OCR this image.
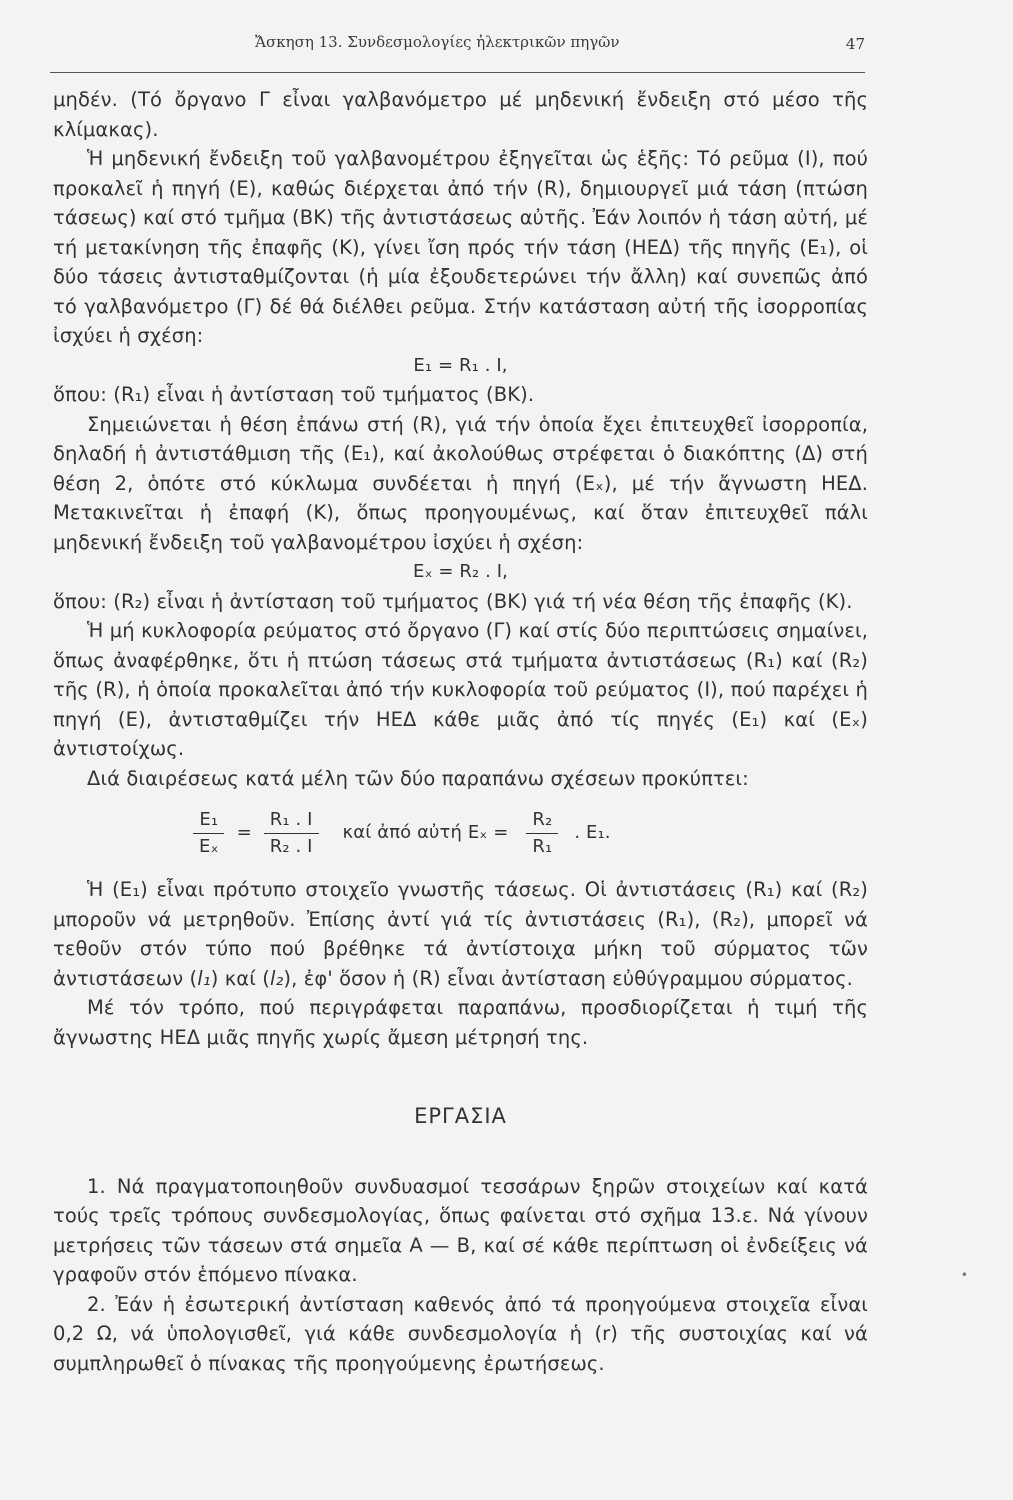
Ἄσκηση 13. Συνδεσμολογίες ἠλεκτρικῶν πηγῶν	47

μηδέν. (Τό ὄργανο Γ εἶναι γαλβανόμετρο μέ μηδενική ἔνδειξη στό μέσο τῆς κλίμακας).

Ἡ μηδενική ἔνδειξη τοῦ γαλβανομέτρου ἐξηγεῖται ὡς ἑξῆς: Τό ρεῦμα (Ι), πού προκαλεῖ ἡ πηγή (Ε), καθώς διέρχεται ἀπό τήν (R), δημιουργεῖ μιά τάση (πτώση τάσεως) καί στό τμῆμα (ΒΚ) τῆς ἀντιστάσεως αὐτῆς. Ἐάν λοιπόν ἡ τάση αὐτή, μέ τή μετακίνηση τῆς ἐπαφῆς (Κ), γίνει ἴση πρός τήν τάση (ΗΕΔ) τῆς πηγῆς (Ε₁), οἱ δύο τάσεις ἀντισταθμίζονται (ἡ μία ἐξουδετερώνει τήν ἄλλη) καί συνεπῶς ἀπό τό γαλβανόμετρο (Γ) δέ θά διέλθει ρεῦμα. Στήν κατάσταση αὐτή τῆς ἰσορροπίας ἰσχύει ἡ σχέση:

E₁ = R₁ . I,

ὅπου: (R₁) εἶναι ἡ ἀντίσταση τοῦ τμήματος (ΒΚ).

Σημειώνεται ἡ θέση ἐπάνω στή (R), γιά τήν ὁποία ἔχει ἐπιτευχθεῖ ἰσορροπία, δηλαδή ἡ ἀντιστάθμιση τῆς (Ε₁), καί ἀκολούθως στρέφεται ὁ διακόπτης (Δ) στή θέση 2, ὁπότε στό κύκλωμα συνδέεται ἡ πηγή (Εₓ), μέ τήν ἄγνωστη ΗΕΔ. Μετακινεῖται ἡ ἐπαφή (Κ), ὅπως προηγουμένως, καί ὅταν ἐπιτευχθεῖ πάλι μηδενική ἔνδειξη τοῦ γαλβανομέτρου ἰσχύει ἡ σχέση:

Eₓ = R₂ . I,

ὅπου: (R₂) εἶναι ἡ ἀντίσταση τοῦ τμήματος (ΒΚ) γιά τή νέα θέση τῆς ἐπαφῆς (Κ).

Ἡ μή κυκλοφορία ρεύματος στό ὄργανο (Γ) καί στίς δύο περιπτώσεις σημαίνει, ὅπως ἀναφέρθηκε, ὅτι ἡ πτώση τάσεως στά τμήματα ἀντιστάσεως (R₁) καί (R₂) τῆς (R), ἡ ὁποία προκαλεῖται ἀπό τήν κυκλοφορία τοῦ ρεύματος (Ι), πού παρέχει ἡ πηγή (Ε), ἀντισταθμίζει τήν ΗΕΔ κάθε μιᾶς ἀπό τίς πηγές (Ε₁) καί (Εₓ) ἀντιστοίχως.

Διά διαιρέσεως κατά μέλη τῶν δύο παραπάνω σχέσεων προκύπτει:

$\frac{\text{E₁}}{\text{Eₓ}} = \frac{\text{R₁ . I}}{\text{R₂ . I}}$ καί ἀπό αὐτή $E_x = \frac{\text{R₂}}{\text{R₁}}$ . E₁.

Ἡ (Ε₁) εἶναι πρότυπο στοιχεῖο γνωστῆς τάσεως. Οἱ ἀντιστάσεις (R₁) καί (R₂) μποροῦν νά μετρηθοῦν. Ἐπίσης ἀντί γιά τίς ἀντιστάσεις (R₁), (R₂), μπορεῖ νά τεθοῦν στόν τύπο πού βρέθηκε τά ἀντίστοιχα μήκη τοῦ σύρματος τῶν ἀντιστάσεων (l₁) καί (l₂), ἐφ' ὅσον ἡ (R) εἶναι ἀντίσταση εὐθύγραμμου σύρματος.

Μέ τόν τρόπο, πού περιγράφεται παραπάνω, προσδιορίζεται ἡ τιμή τῆς ἄγνωστης ΗΕΔ μιᾶς πηγῆς χωρίς ἄμεση μέτρησή της.

ΕΡΓΑΣΙΑ

1. Νά πραγματοποιηθοῦν συνδυασμοί τεσσάρων ξηρῶν στοιχείων καί κατά τούς τρεῖς τρόπους συνδεσμολογίας, ὅπως φαίνεται στό σχῆμα 13.ε. Νά γίνουν μετρήσεις τῶν τάσεων στά σημεῖα Α — Β, καί σέ κάθε περίπτωση οἱ ἐνδείξεις νά γραφοῦν στόν ἑπόμενο πίνακα.

2. Ἐάν ἡ ἐσωτερική ἀντίσταση καθενός ἀπό τά προηγούμενα στοιχεῖα εἶναι 0,2 Ω, νά ὑπολογισθεῖ, γιά κάθε συνδεσμολογία ἡ (r) τῆς συστοιχίας καί νά συμπληρωθεῖ ὁ πίνακας τῆς προηγούμενης ἐρωτήσεως.

•
